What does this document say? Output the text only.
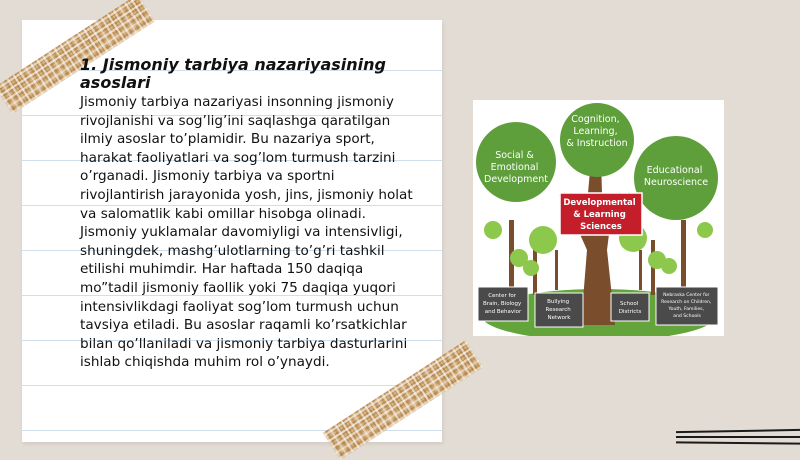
1. Jismoniy tarbiya nazariyasining asoslari

Jismoniy tarbiya nazariyasi insonning jismoniy rivojlanishi va sog’lig’ini saqlashga qaratilgan ilmiy asoslar to’plamidir. Bu nazariya sport, harakat faoliyatlari va sog’lom turmush tarzini o’rganadi. Jismoniy tarbiya va sportni rivojlantirish jarayonida yosh, jins, jismoniy holat va salomatlik kabi omillar hisobga olinadi. Jismoniy yuklamalar davomiyligi va intensivligi, shuningdek, mashg’ulotlarning to’g’ri tashkil etilishi muhimdir. Har haftada 150 daqiqa mo”tadil jismoniy faollik yoki 75 daqiqa yuqori intensivlikdagi faoliyat sog’lom turmush uchun tavsiya etiladi. Bu asoslar raqamli ko’rsatkichlar bilan qo’llaniladi va jismoniy tarbiya dasturlarini ishlab chiqishda muhim rol o’ynaydi.

Social & Emotional Development
Cognition, Learning, & Instruction
Educational Neuroscience
Developmental & Learning Sciences
Center for Brain, Biology and Behavior
Bullying Research Network
School Districts
Nebraska Center for Research on Children, Youth, Families, and Schools
